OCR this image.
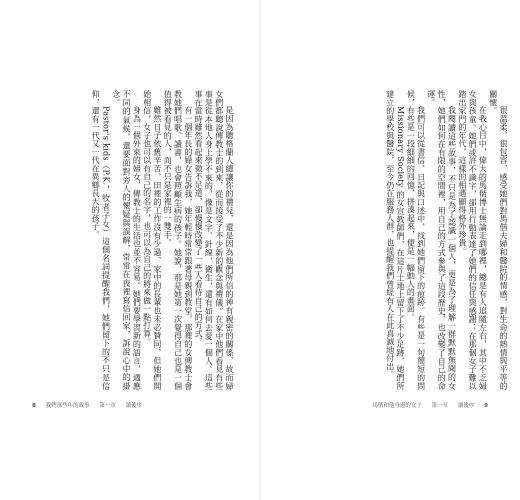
是因為聽格蘭人總讓你的禮兒，還是因為他們所信的神有親密的關係，故而婦女們都聽說傳教士的到來，從而接受了不少新的觀念與禮儀。在家中他們看見有些事是從本地人身上學不來的，像是文字、針線、衛生，還有如何去愛一個人。這些事在當時雖然看起來微不足道，卻慢慢改變了一些人看待自己的方式。
有一個年長的婦女告訴我，她年輕時常常跟著母親到教堂，那裡的女傳教士會教她們唱歌、讀書，也會照顧生病的孩子。她說，那是她第一次覺得自己也是一個值得被看見的人，而不只是家裡的一雙手。
雖然日子依舊辛苦，田裡的工作沒有少過，家中的長輩也未必贊同，但她們開始相信，女子也可以有自己的名字，也可以為自己的將來做一點打算。
身為一個外來的婦女，傳教士的生活也並不容易。她們要學習新的語言，適應不同的氣候，還要面對旁人的懷疑與誤解，常常在夜裡寫信回家，訴說心中的掛念。
Pastor's kids（P.K.，牧者子女）這個名詞提醒我們，她們留下的不只是信仰，還有一代又一代在異鄉長大的孩子。
8 我們那些年的故事 第一章 讀後序
很溫柔，很包容，感受她們對馬偕夫婦和醫院的情感，對生命的熱情與平等的關懷。
在我心目中，偉大的馬偕博士無論走到哪裡，總是有人追隨左右，其中不乏婦女與孩童。她們或許不識字，卻用行動表達了她們的信任與感謝；在那個女子難以踏出家門的年代，這樣的相遇顯得格外珍貴。
我閱讀這些故事，不只是為了認識一個人，更是為了理解一群默默無聞的女性，她們如何在有限的空間裡，用自己的方式參與了這段歷史，也改變了自己的命運。
我們可以從書信、日記與口述中，找到她們留下的痕跡。有些是一句簡短的問候，有些是一段細細的回憶，拼湊起來，便是一幅動人的畫面。
Missionary Society 的女宣教師們，在這片土地上留下了不少足跡，她們所建立的學校與醫院，至今仍在服務人群，也提醒我們曾經有人在此真誠地付出。
馬偕和他身邊的女子 第一章 讀後序 9
